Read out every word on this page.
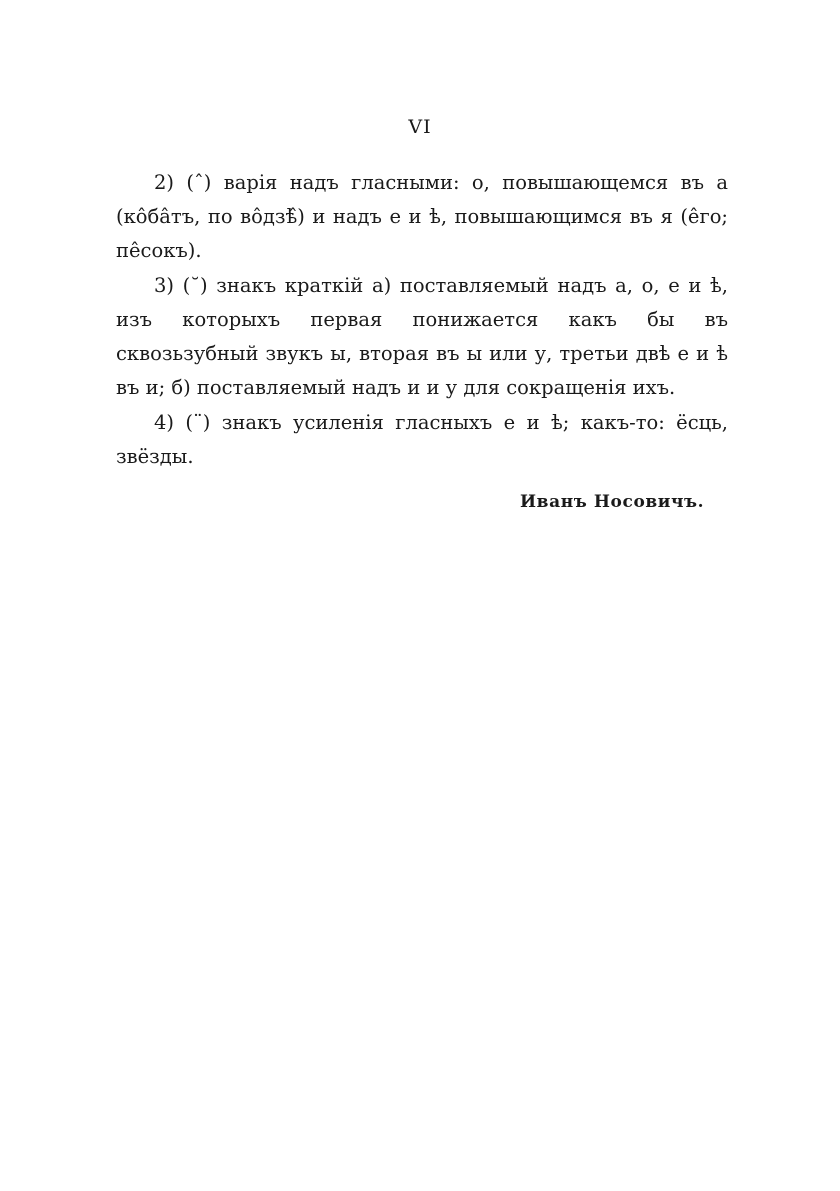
VI

2) (ˆ) варія надъ гласными: о, повышающемся въ а (ко̂ба̂тъ, по во̂дзѣ̂) и надъ е и ѣ, повышающимся въ я (е̂го; пе̂сокъ).

3) (˘) знакъ краткій а) поставляемый надъ а, о, е и ѣ, изъ которыхъ первая понижается какъ бы въ сквозьзубный звукъ ы, вторая въ ы или у, третьи двѣ е и ѣ въ и; б) поставляемый надъ и и у для сокращенія ихъ.

4) (¨) знакъ усиленія гласныхъ е и ѣ; какъ-то: ёсць, звёзды.

Иванъ Носовичъ.
